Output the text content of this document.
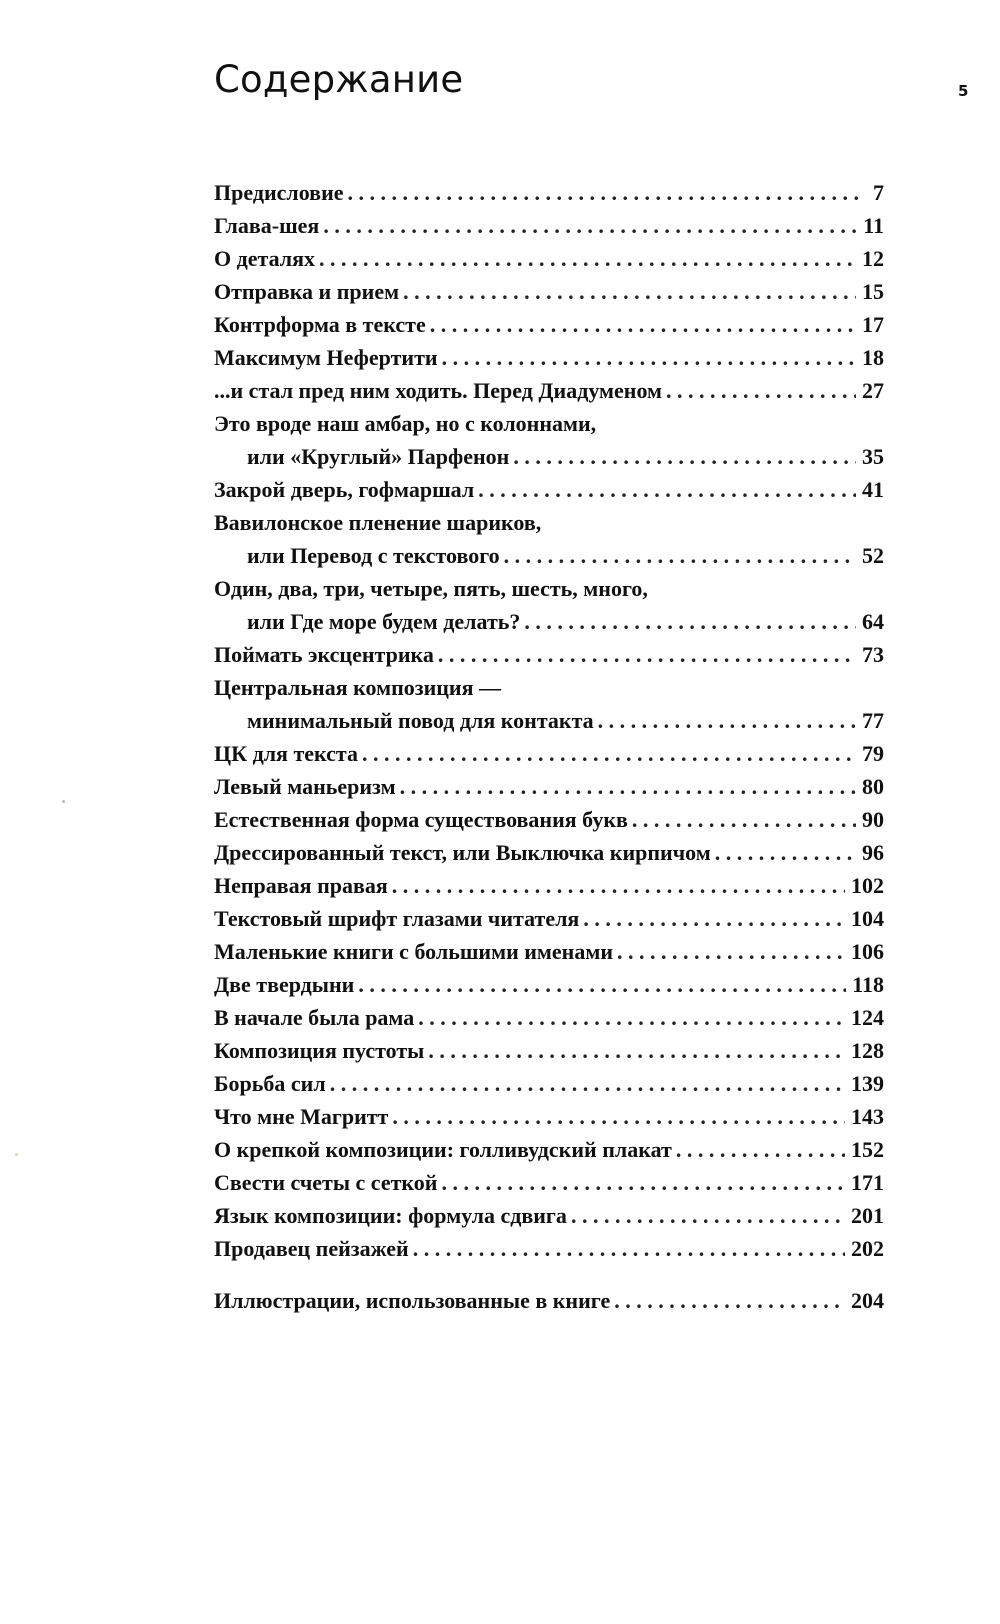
Содержание	5
Предисловие . . .	7
Глава-шея . . .	11
О деталях . . .	12
Отправка и прием . . .	15
Контрформа в тексте . . .	17
Максимум Нефертити . . .	18
...и стал пред ним ходить. Перед Диадуменом . . .	27
Это вроде наш амбар, но с колоннами,
или «Круглый» Парфенон . . .	35
Закрой дверь, гофмаршал . . .	41
Вавилонское пленение шариков,
или Перевод с текстового . . .	52
Один, два, три, четыре, пять, шесть, много,
или Где море будем делать? . . .	64
Поймать эксцентрика . . .	73
Центральная композиция —
минимальный повод для контакта . . .	77
ЦК для текста . . .	79
Левый маньеризм . . .	80
Естественная форма существования букв . . .	90
Дрессированный текст, или Выключка кирпичом . . .	96
Неправая правая . . .	102
Текстовый шрифт глазами читателя . . .	104
Маленькие книги с большими именами . . .	106
Две твердыни . . .	118
В начале была рама . . .	124
Композиция пустоты . . .	128
Борьба сил . . .	139
Что мне Магритт . . .	143
О крепкой композиции: голливудский плакат . . .	152
Свести счеты с сеткой . . .	171
Язык композиции: формула сдвига . . .	201
Продавец пейзажей . . .	202
Иллюстрации, использованные в книге . . .	204
